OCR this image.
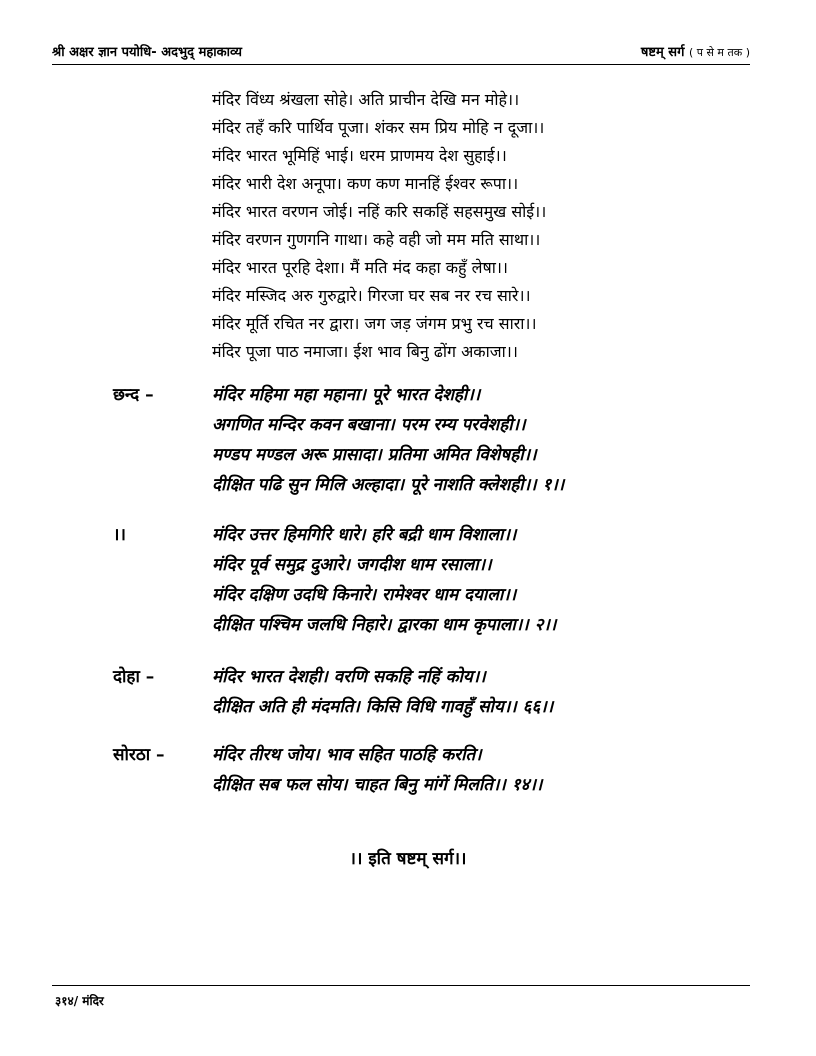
श्री अक्षर ज्ञान पयोधि- अदभुद् महाकाव्य	षष्टम् सर्ग ( प से म तक )
मंदिर विंध्य श्रंखला सोहे। अति प्राचीन देखि मन मोहे।।
मंदिर तहँ करि पार्थिव पूजा। शंकर सम प्रिय मोहि न दूजा।।
मंदिर भारत भूमिहिं भाई। धरम प्राणमय देश सुहाई।।
मंदिर भारी देश अनूपा। कण कण मानहिं ईश्वर रूपा।।
मंदिर भारत वरणन जोई। नहिं करि सकहिं सहसमुख सोई।।
मंदिर वरणन गुणगनि गाथा। कहे वही जो मम मति साथा।।
मंदिर भारत पूरहि देशा। मैं मति मंद कहा कहुँ लेषा।।
मंदिर मस्जिद अरु गुरुद्वारे। गिरजा घर सब नर रच सारे।।
मंदिर मूर्ति रचित नर द्वारा। जग जड़ जंगम प्रभु रच सारा।।
मंदिर पूजा पाठ नमाजा। ईश भाव बिनु ढोंग अकाजा।।
छन्द –	मंदिर महिमा महा महाना। पूरे भारत देशही।।
अगणित मन्दिर कवन बखाना। परम रम्य परवेशही।।
मण्डप मण्डल अरू प्रासादा। प्रतिमा अमित विशेषही।।
दीक्षित पढि सुन मिलि अल्हादा। पूरे नाशति क्लेशही।। १।।
।।	मंदिर उत्तर हिमगिरि धारे। हरि बद्री धाम विशाला।।
मंदिर पूर्व समुद्र दुआरे। जगदीश धाम रसाला।।
मंदिर दक्षिण उदधि किनारे। रामेश्वर धाम दयाला।।
दीक्षित पश्चिम जलधि निहारे। द्वारका धाम कृपाला।। २।।
दोहा –	मंदिर भारत देशही। वरणि सकहि नहिं कोय।।
दीक्षित अति ही मंदमति। किसि विधि गावहुँ सोय।। ६६।।
सोरठा –	मंदिर तीरथ जोय। भाव सहित पाठहि करति।
दीक्षित सब फल सोय। चाहत बिनु मांगें मिलति।। १४।।
।। इति षष्टम् सर्ग।।
३१४/ मंदिर
